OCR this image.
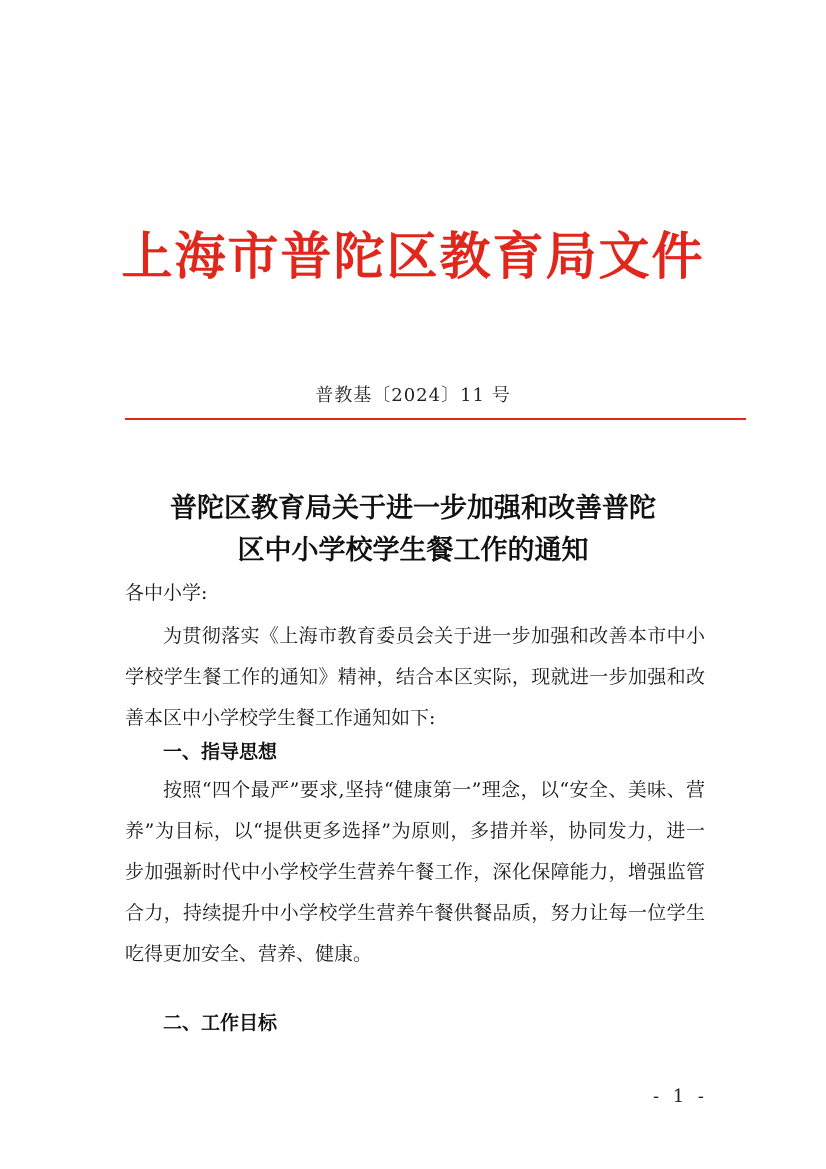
上海市普陀区教育局文件
普教基〔2024〕11 号
普陀区教育局关于进一步加强和改善普陀
区中小学校学生餐工作的通知
各中小学:

为贯彻落实《上海市教育委员会关于进一步加强和改善本市中小学校学生餐工作的通知》精神，结合本区实际，现就进一步加强和改善本区中小学校学生餐工作通知如下:

一、指导思想

按照“四个最严”要求,坚持“健康第一”理念，以“安全、美味、营养”为目标，以“提供更多选择”为原则，多措并举，协同发力，进一步加强新时代中小学校学生营养午餐工作，深化保障能力，增强监管合力，持续提升中小学校学生营养午餐供餐品质，努力让每一位学生吃得更加安全、营养、健康。

二、工作目标
- 1 -
